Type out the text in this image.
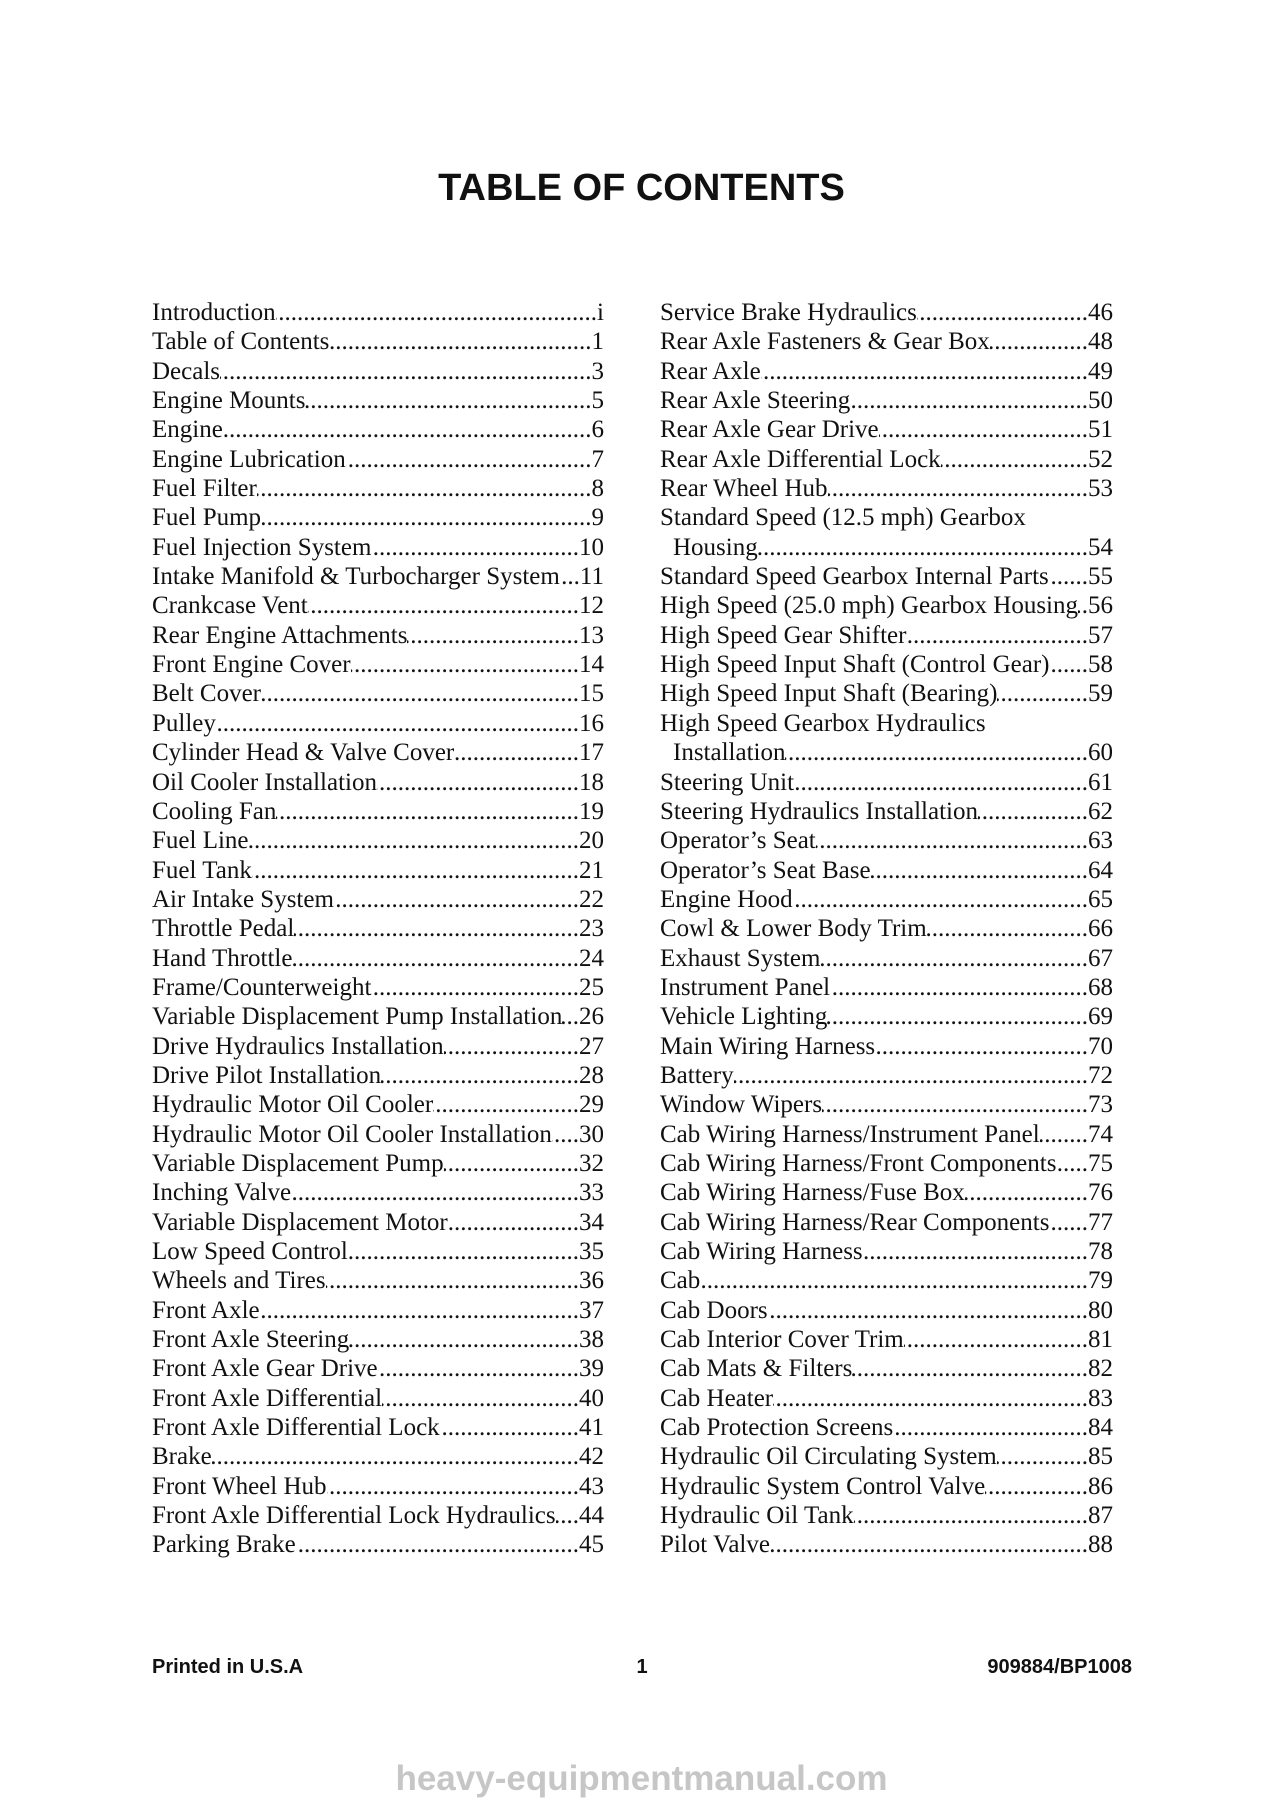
TABLE OF CONTENTS
Introduction .....	i
Table of Contents .....	1
Decals .....	3
Engine Mounts .....	5
Engine .....	6
Engine Lubrication .....	7
Fuel Filter .....	8
Fuel Pump .....	9
Fuel Injection System .....	10
Intake Manifold & Turbocharger System ..... 11
Crankcase Vent .....	12
Rear Engine Attachments .....	13
Front Engine Cover .....	14
Belt Cover .....	15
Pulley .....	16
Cylinder Head & Valve Cover .....	17
Oil Cooler Installation .....	18
Cooling Fan .....	19
Fuel Line .....	20
Fuel Tank .....	21
Air Intake System .....	22
Throttle Pedal .....	23
Hand Throttle .....	24
Frame/Counterweight .....	25
Variable Displacement Pump Installation ..... 26
Drive Hydraulics Installation .....	27
Drive Pilot Installation .....	28
Hydraulic Motor Oil Cooler .....	29
Hydraulic Motor Oil Cooler Installation ..... 30
Variable Displacement Pump .....	32
Inching Valve .....	33
Variable Displacement Motor .....	34
Low Speed Control .....	35
Wheels and Tires .....	36
Front Axle .....	37
Front Axle Steering .....	38
Front Axle Gear Drive .....	39
Front Axle Differential .....	40
Front Axle Differential Lock .....	41
Brake .....	42
Front Wheel Hub .....	43
Front Axle Differential Lock Hydraulics ..... 44
Parking Brake .....	45
Service Brake Hydraulics .....	46
Rear Axle Fasteners & Gear Box .....	48
Rear Axle .....	49
Rear Axle Steering .....	50
Rear Axle Gear Drive .....	51
Rear Axle Differential Lock .....	52
Rear Wheel Hub .....	53
Standard Speed (12.5 mph) Gearbox
Housing .....	54
Standard Speed Gearbox Internal Parts ..... 55
High Speed (25.0 mph) Gearbox Housing ..... 56
High Speed Gear Shifter .....	57
High Speed Input Shaft (Control Gear) ..... 58
High Speed Input Shaft (Bearing) .....	59
High Speed Gearbox Hydraulics
Installation .....	60
Steering Unit .....	61
Steering Hydraulics Installation .....	62
Operator’s Seat .....	63
Operator’s Seat Base .....	64
Engine Hood .....	65
Cowl & Lower Body Trim .....	66
Exhaust System .....	67
Instrument Panel .....	68
Vehicle Lighting .....	69
Main Wiring Harness .....	70
Battery .....	72
Window Wipers .....	73
Cab Wiring Harness/Instrument Panel ..... 74
Cab Wiring Harness/Front Components ..... 75
Cab Wiring Harness/Fuse Box .....	76
Cab Wiring Harness/Rear Components ..... 77
Cab Wiring Harness .....	78
Cab .....	79
Cab Doors .....	80
Cab Interior Cover Trim .....	81
Cab Mats & Filters .....	82
Cab Heater .....	83
Cab Protection Screens .....	84
Hydraulic Oil Circulating System .....	85
Hydraulic System Control Valve .....	86
Hydraulic Oil Tank .....	87
Pilot Valve .....	88
Printed in U.S.A	1	909884/BP1008
heavy-equipmentmanual.com
